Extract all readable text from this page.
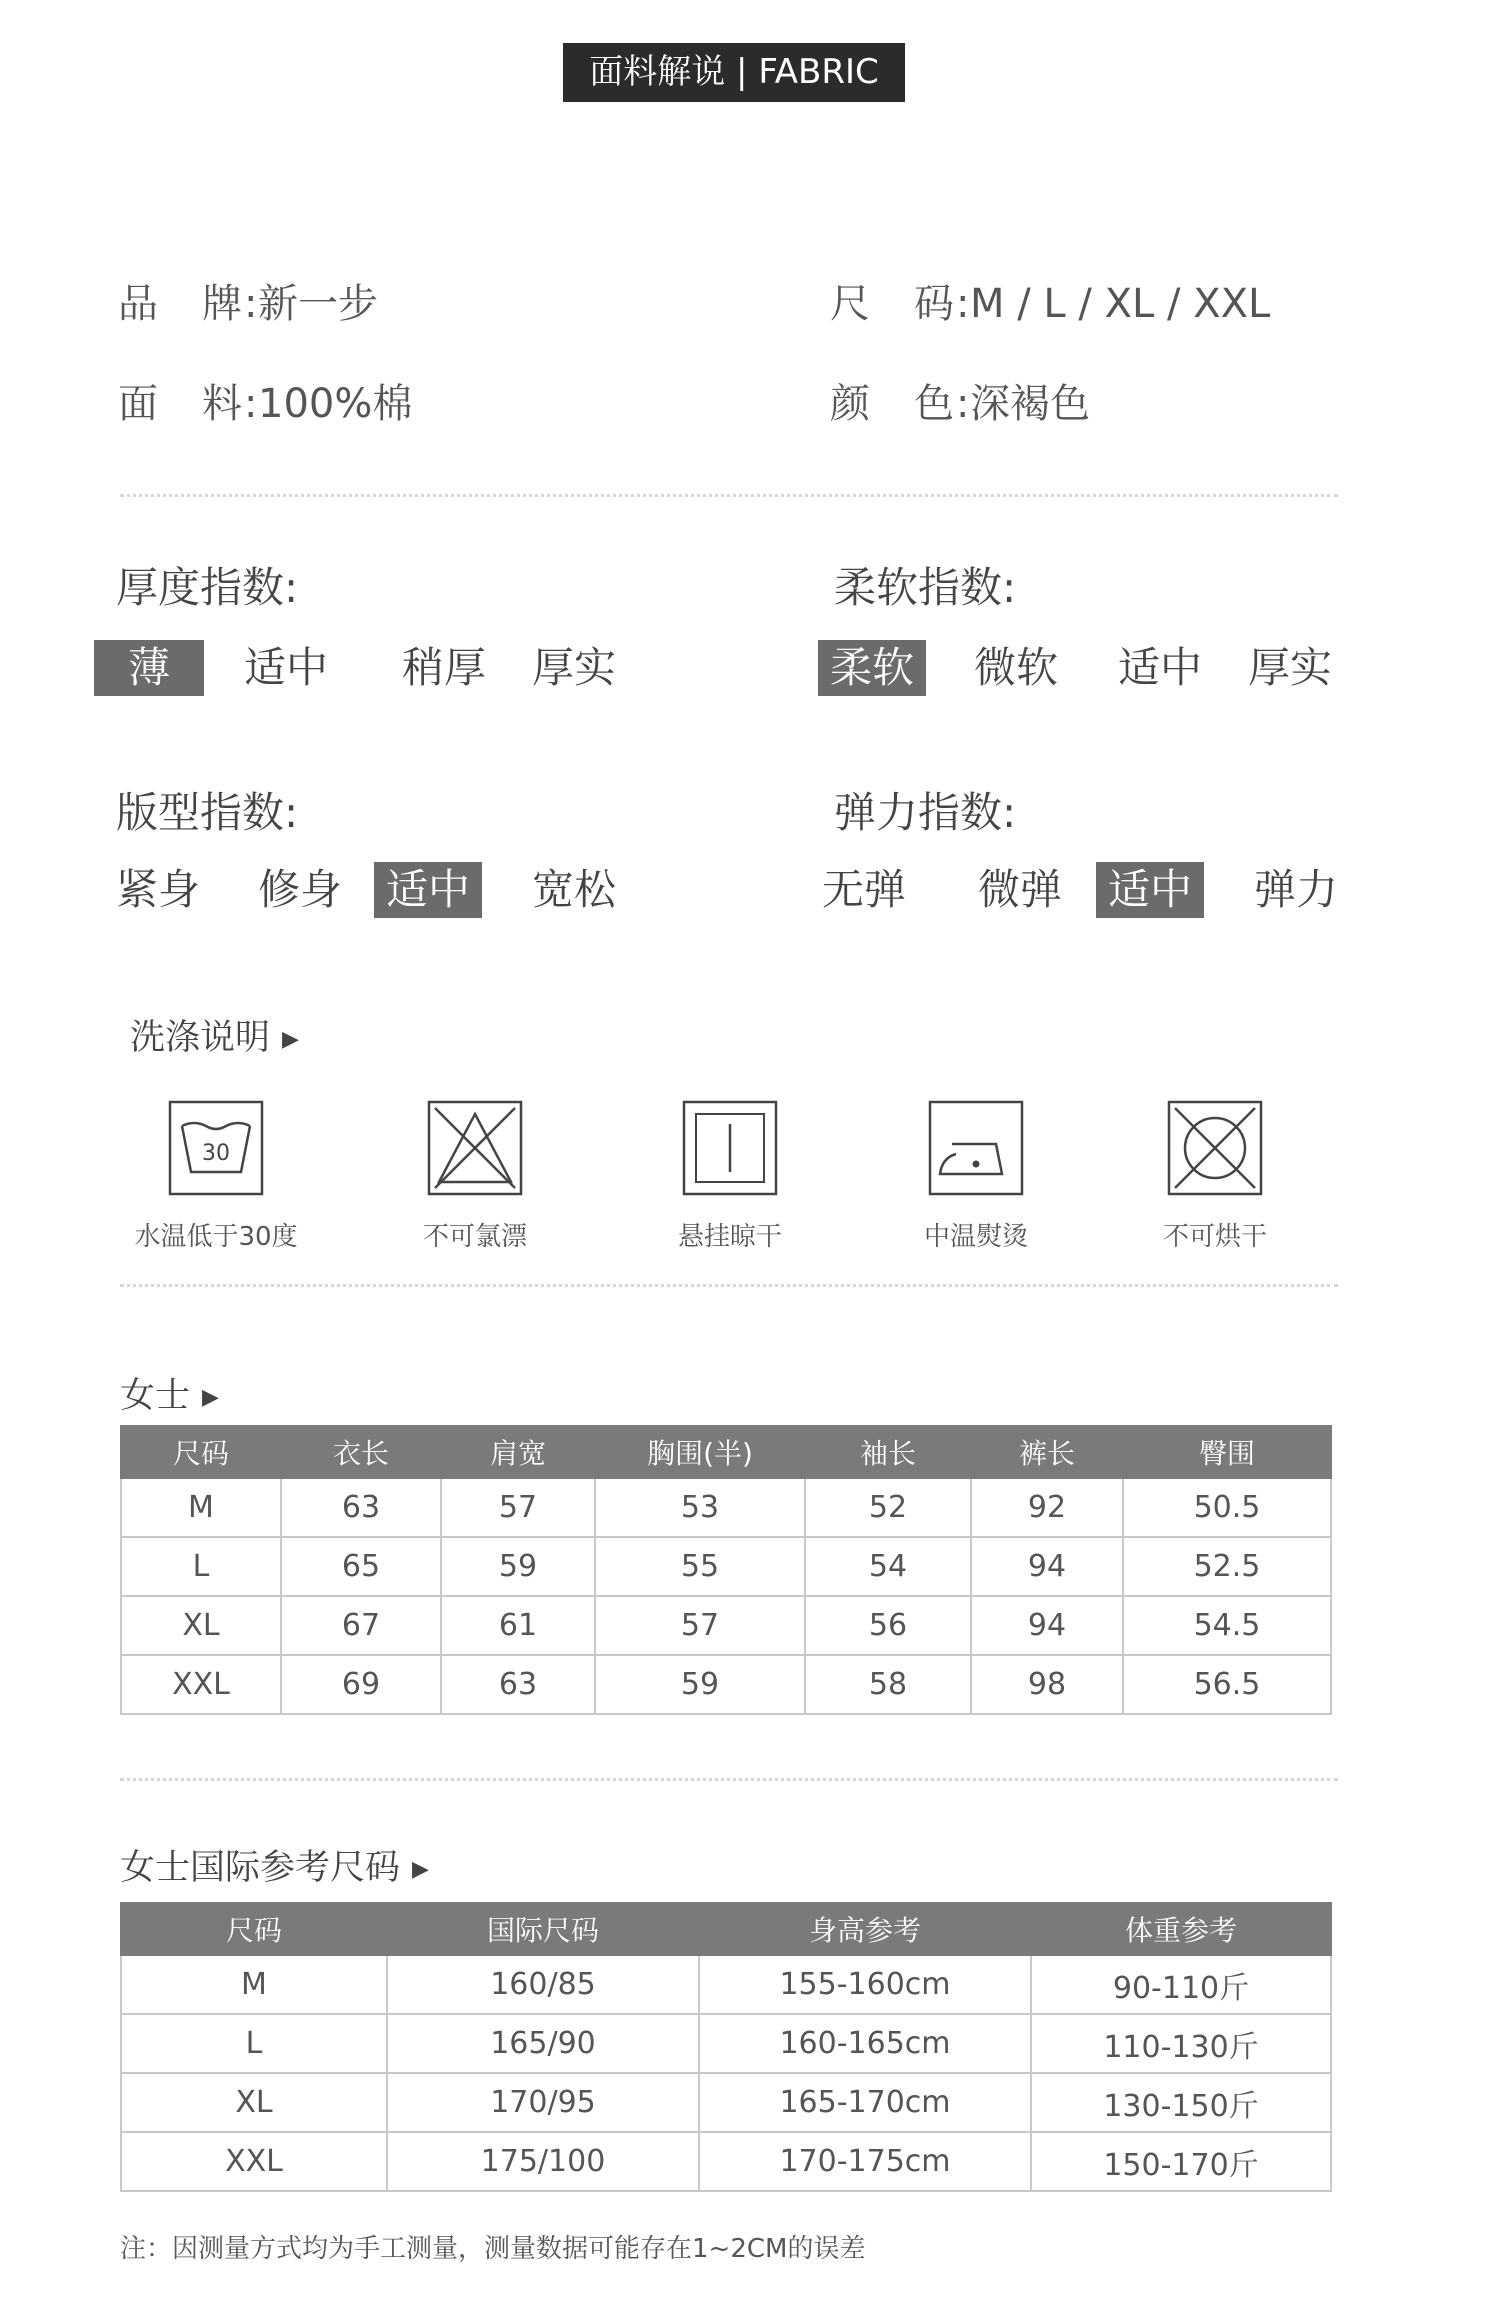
面料解说 | FABRIC
品　牌:新一步	尺　码:M / L / XL / XXL
面　料:100%棉	颜　色:深褐色
厚度指数:
薄	适中 稍厚 厚实
柔软指数:
柔软 微软 适中 厚实
版型指数:
紧身 修身 适中 宽松
弹力指数:
无弹 微弹 适中 弹力
洗涤说明 ▶
30
水温低于30度	不可氯漂	悬挂晾干	中温熨烫	不可烘干
女士 ▶
尺码	衣长	肩宽	胸围(半)	袖长	裤长	臀围
M	63	57	53	52	92	50.5
L	65	59	55	54	94	52.5
XL	67	61	57	56	94	54.5
XXL	69	63	59	58	98	56.5
女士国际参考尺码 ▶
尺码	国际尺码	身高参考	体重参考
M	160/85	155-160cm	90-110斤
L	165/90	160-165cm	110-130斤
XL	170/95	165-170cm	130-150斤
XXL	175/100	170-175cm	150-170斤
注：因测量方式均为手工测量，测量数据可能存在1~2CM的误差
